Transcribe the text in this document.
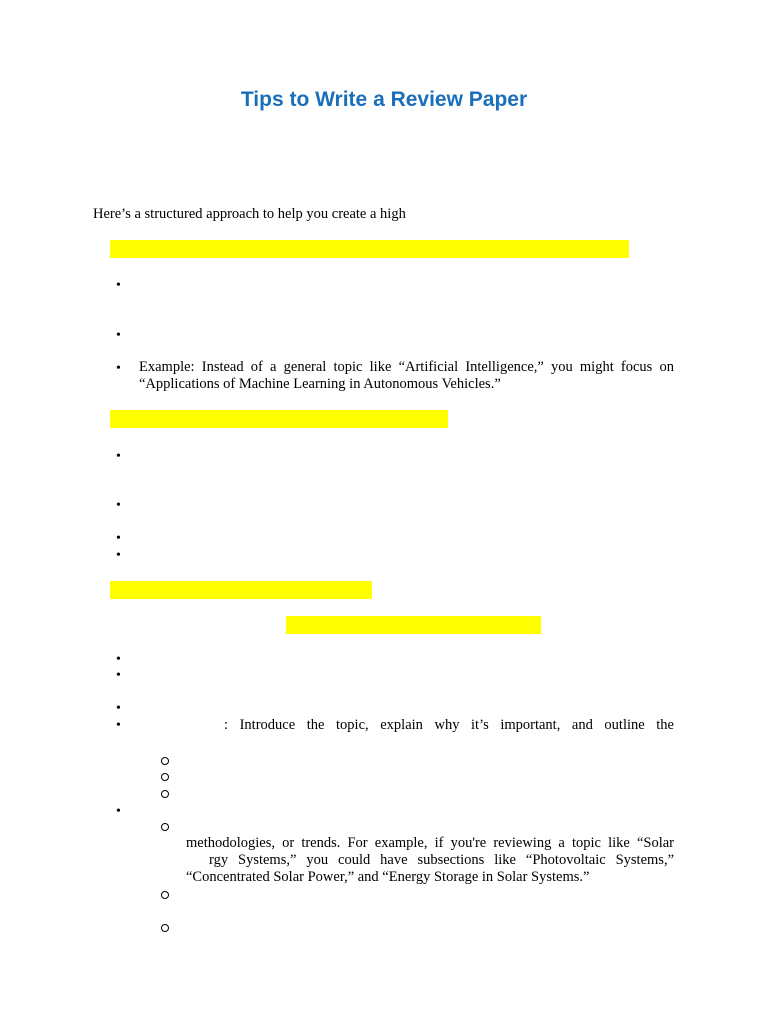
Tips to Write a Review Paper
Here’s a structured approach to help you create a high
•
•
• Example: Instead of a general topic like “Artificial Intelligence,” you might focus on
“Applications of Machine Learning in Autonomous Vehicles.”
•
•
•
•
•
•
•
•	: Introduce the topic, explain why it’s important, and outline the
•
methodologies, or trends. For example, if you're reviewing a topic like “Solar
rgy Systems,” you could have subsections like “Photovoltaic Systems,”
“Concentrated Solar Power,” and “Energy Storage in Solar Systems.”
